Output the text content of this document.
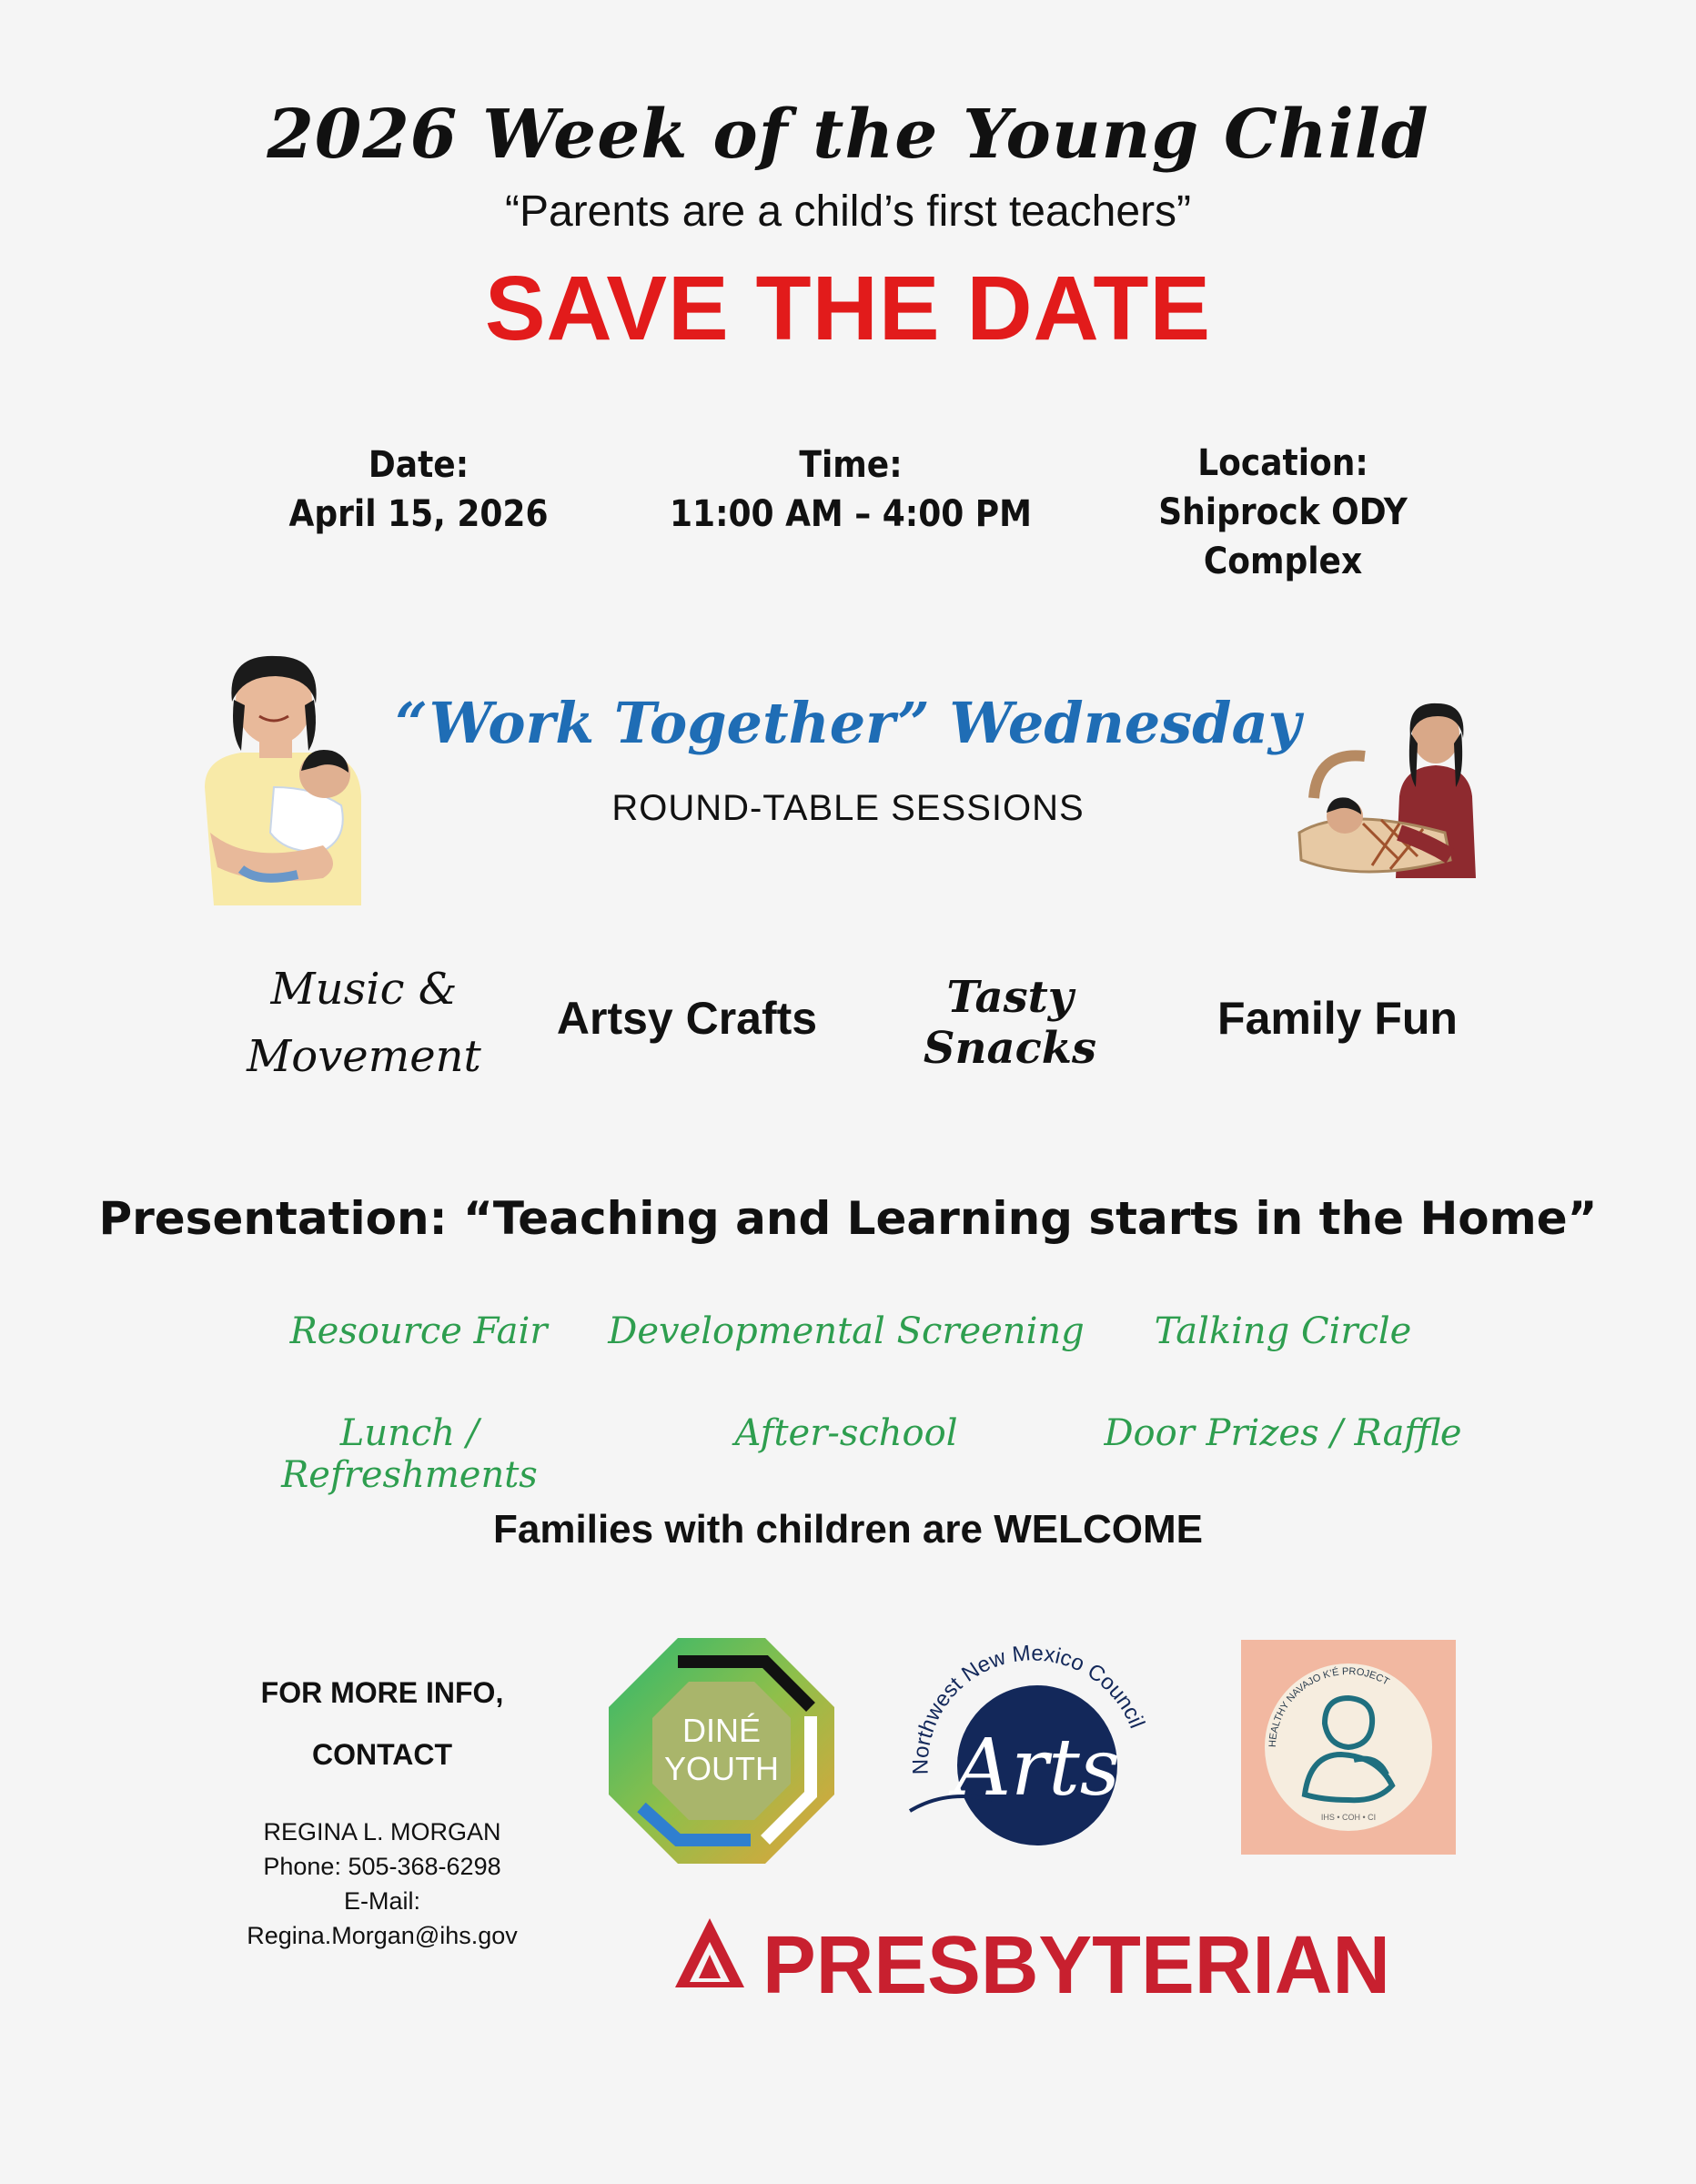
2026 Week of the Young Child
“Parents are a child’s first teachers”
SAVE THE DATE
Date:
April 15, 2026
Time:
11:00 AM – 4:00 PM
Location:
Shiprock ODY Complex
“Work Together” Wednesday
ROUND-TABLE SESSIONS
Music &
Movement
Artsy Crafts	Tasty Snacks
Family Fun
Presentation: “Teaching and Learning starts in the Home”
Resource Fair	Developmental Screening	Talking Circle
Lunch / Refreshments
After-school	Door Prizes / Raffle
Families with children are WELCOME
FOR MORE INFO,
CONTACT
REGINA L. MORGAN
Phone: 505-368-6298
E-Mail:
Regina.Morgan@ihs.gov
DINÉ
YOUTH	Northwest New Mexico Council
Arts	HEALTHY NAVAJO K’É PROJECT
IHS • COH • CI
PRESBYTERIAN
